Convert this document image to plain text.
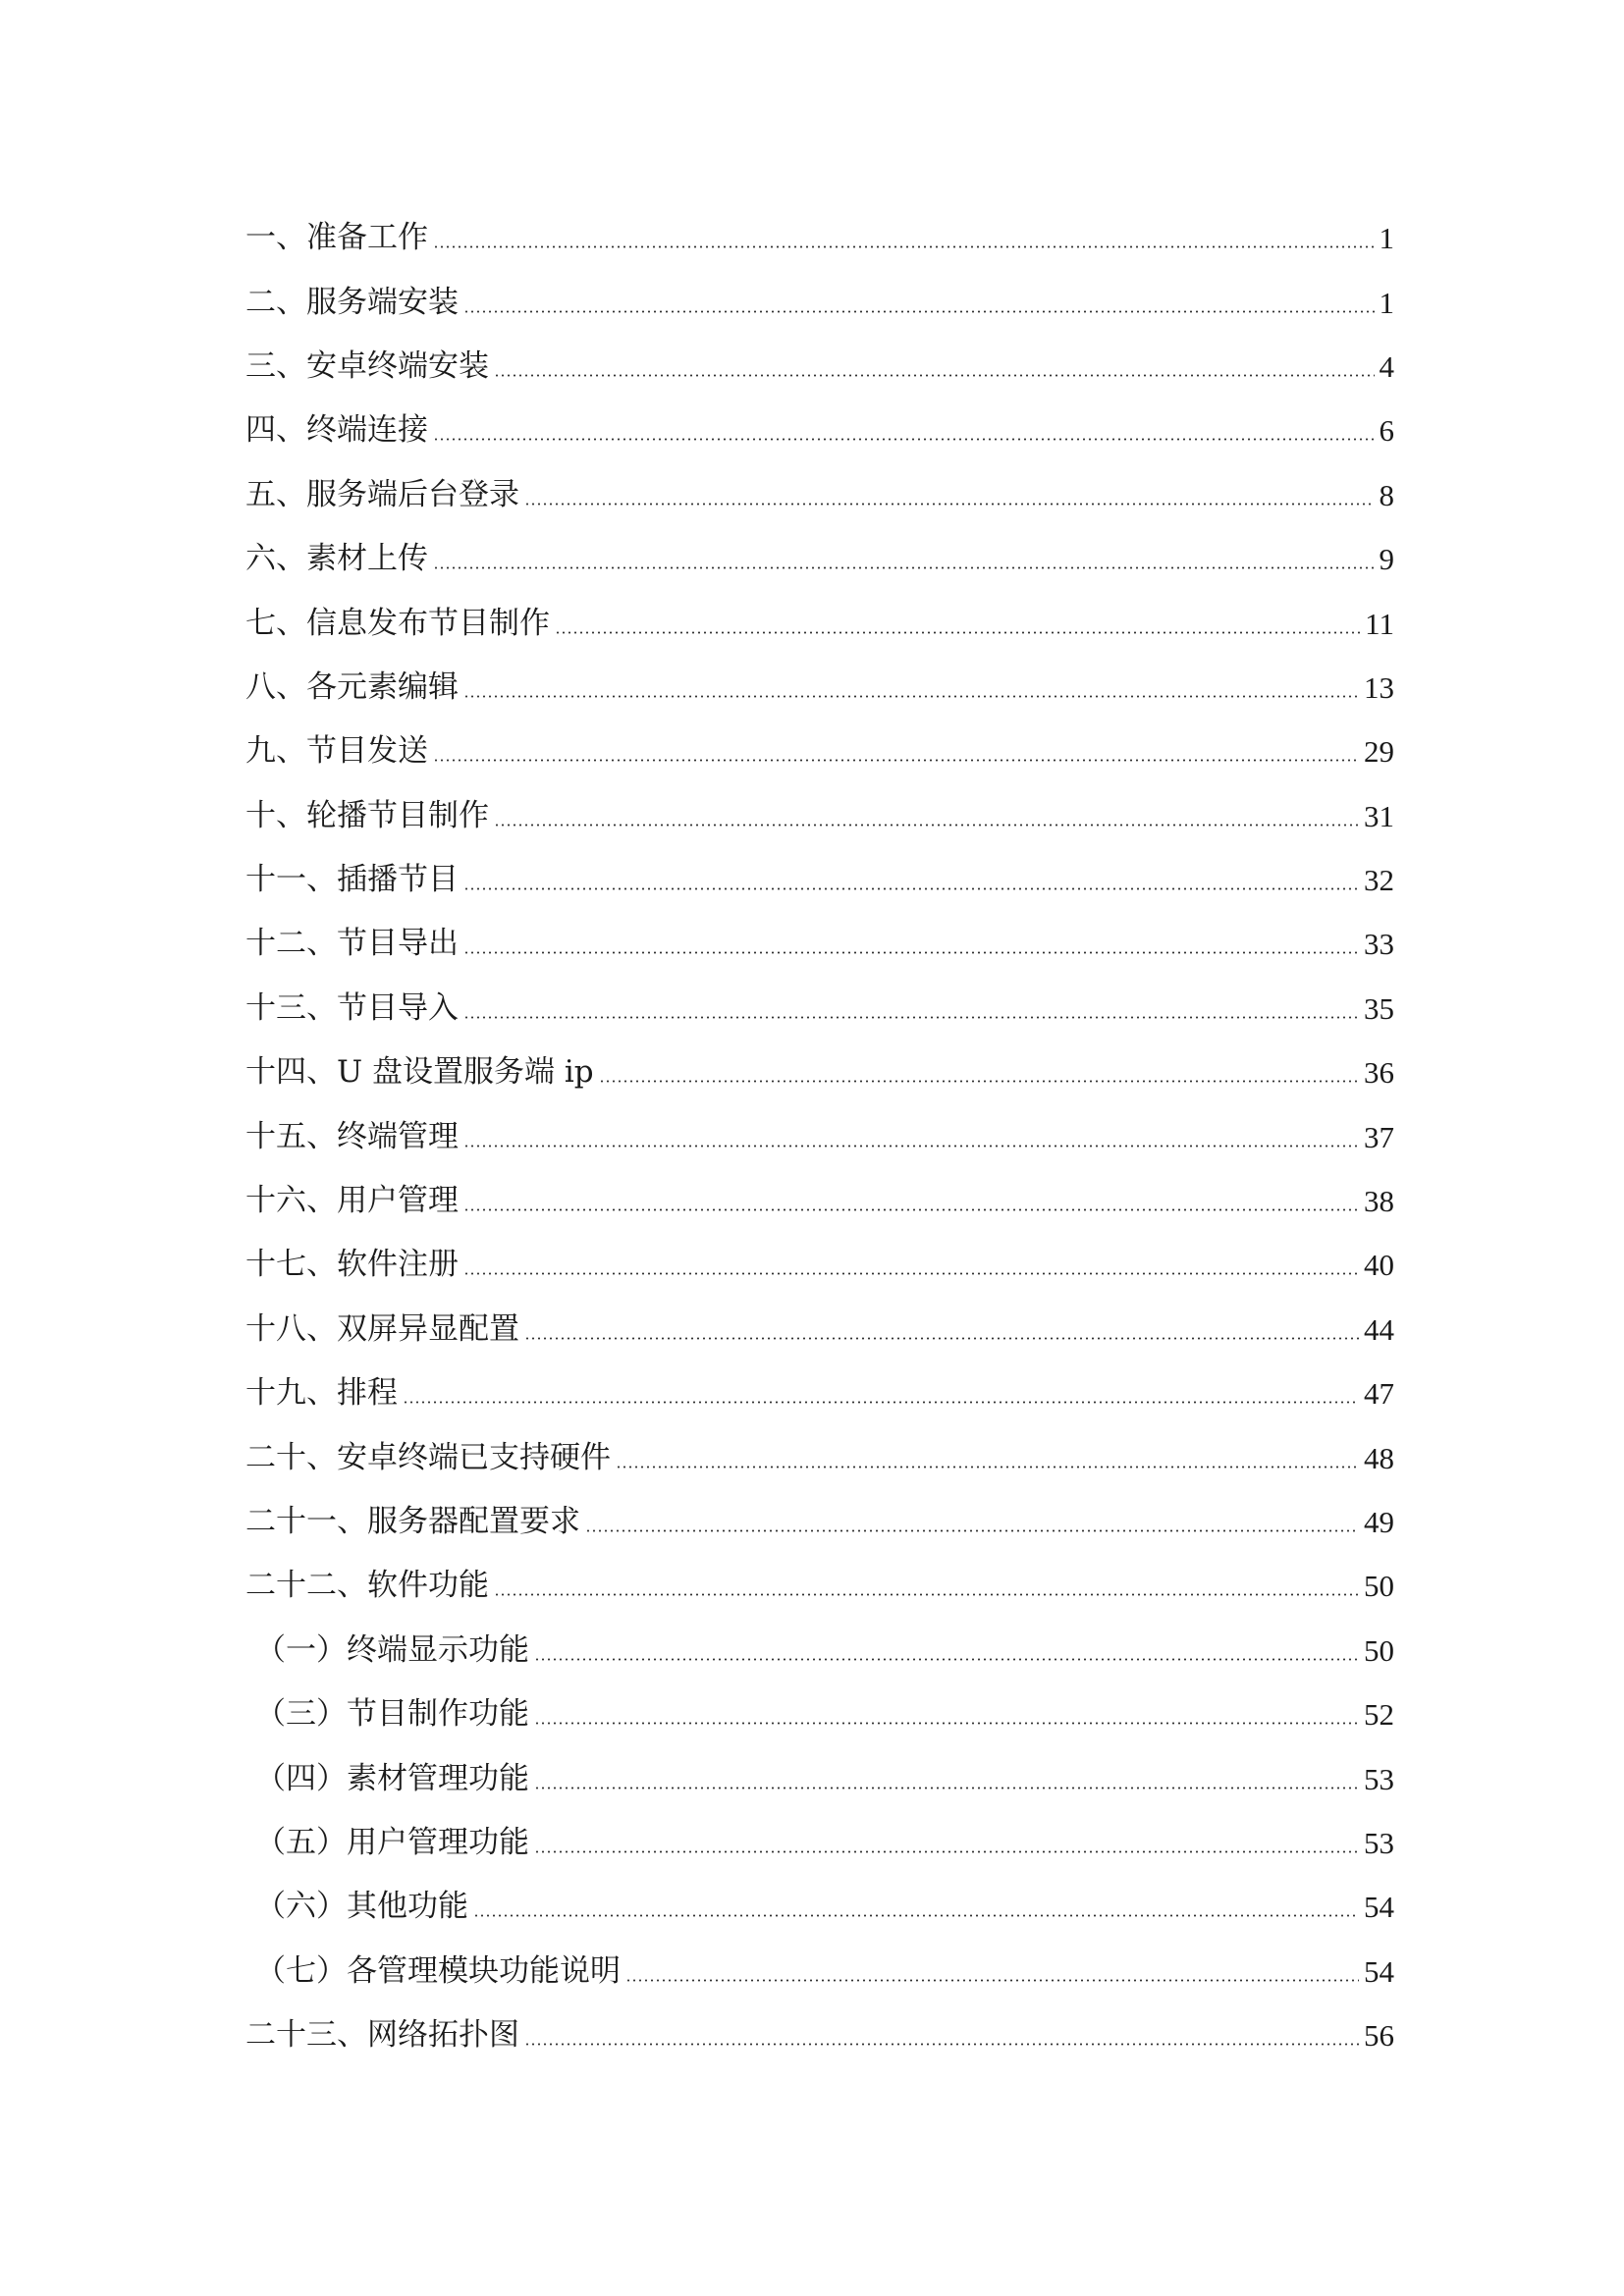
一、准备工作	1
二、服务端安装	1
三、安卓终端安装	4
四、终端连接	6
五、服务端后台登录	8
六、素材上传	9
七、信息发布节目制作	11
八、各元素编辑	13
九、节目发送	29
十、轮播节目制作	31
十一、插播节目	32
十二、节目导出	33
十三、节目导入	35
十四、U 盘设置服务端 ip	36
十五、终端管理	37
十六、用户管理	38
十七、软件注册	40
十八、双屏异显配置	44
十九、排程	47
二十、安卓终端已支持硬件	48
二十一、服务器配置要求	49
二十二、软件功能	50
（一）终端显示功能	50
（三）节目制作功能	52
（四）素材管理功能	53
（五）用户管理功能	53
（六）其他功能	54
（七）各管理模块功能说明	54
二十三、网络拓扑图	56
